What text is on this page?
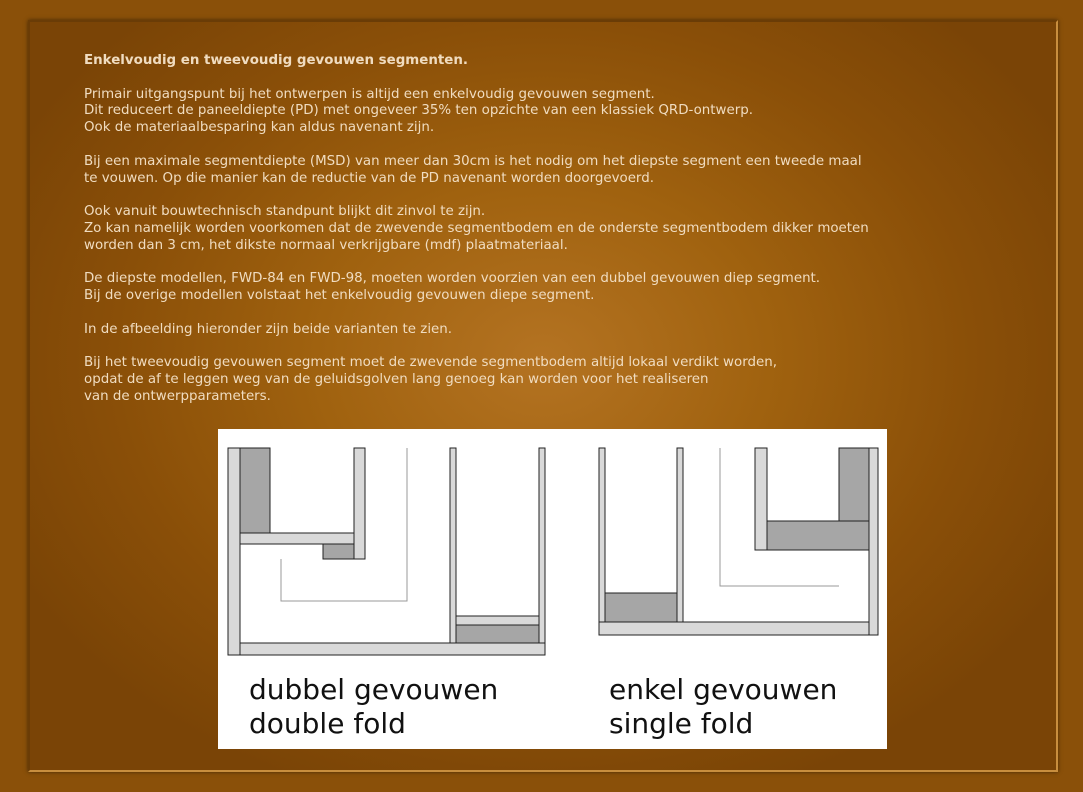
Enkelvoudig en tweevoudig gevouwen segmenten.

Primair uitgangspunt bij het ontwerpen is altijd een enkelvoudig gevouwen segment.
Dit reduceert de paneeldiepte (PD) met ongeveer 35% ten opzichte van een klassiek QRD-ontwerp.
Ook de materiaalbesparing kan aldus navenant zijn.

Bij een maximale segmentdiepte (MSD) van meer dan 30cm is het nodig om het diepste segment een tweede maal
te vouwen. Op die manier kan de reductie van de PD navenant worden doorgevoerd.

Ook vanuit bouwtechnisch standpunt blijkt dit zinvol te zijn.
Zo kan namelijk worden voorkomen dat de zwevende segmentbodem en de onderste segmentbodem dikker moeten
worden dan 3 cm, het dikste normaal verkrijgbare (mdf) plaatmateriaal.

De diepste modellen, FWD-84 en FWD-98, moeten worden voorzien van een dubbel gevouwen diep segment.
Bij de overige modellen volstaat het enkelvoudig gevouwen diepe segment.

In de afbeelding hieronder zijn beide varianten te zien.

Bij het tweevoudig gevouwen segment moet de zwevende segmentbodem altijd lokaal verdikt worden,
opdat de af te leggen weg van de geluidsgolven lang genoeg kan worden voor het realiseren
van de ontwerpparameters.

dubbel gevouwen
double fold
enkel gevouwen
single fold
